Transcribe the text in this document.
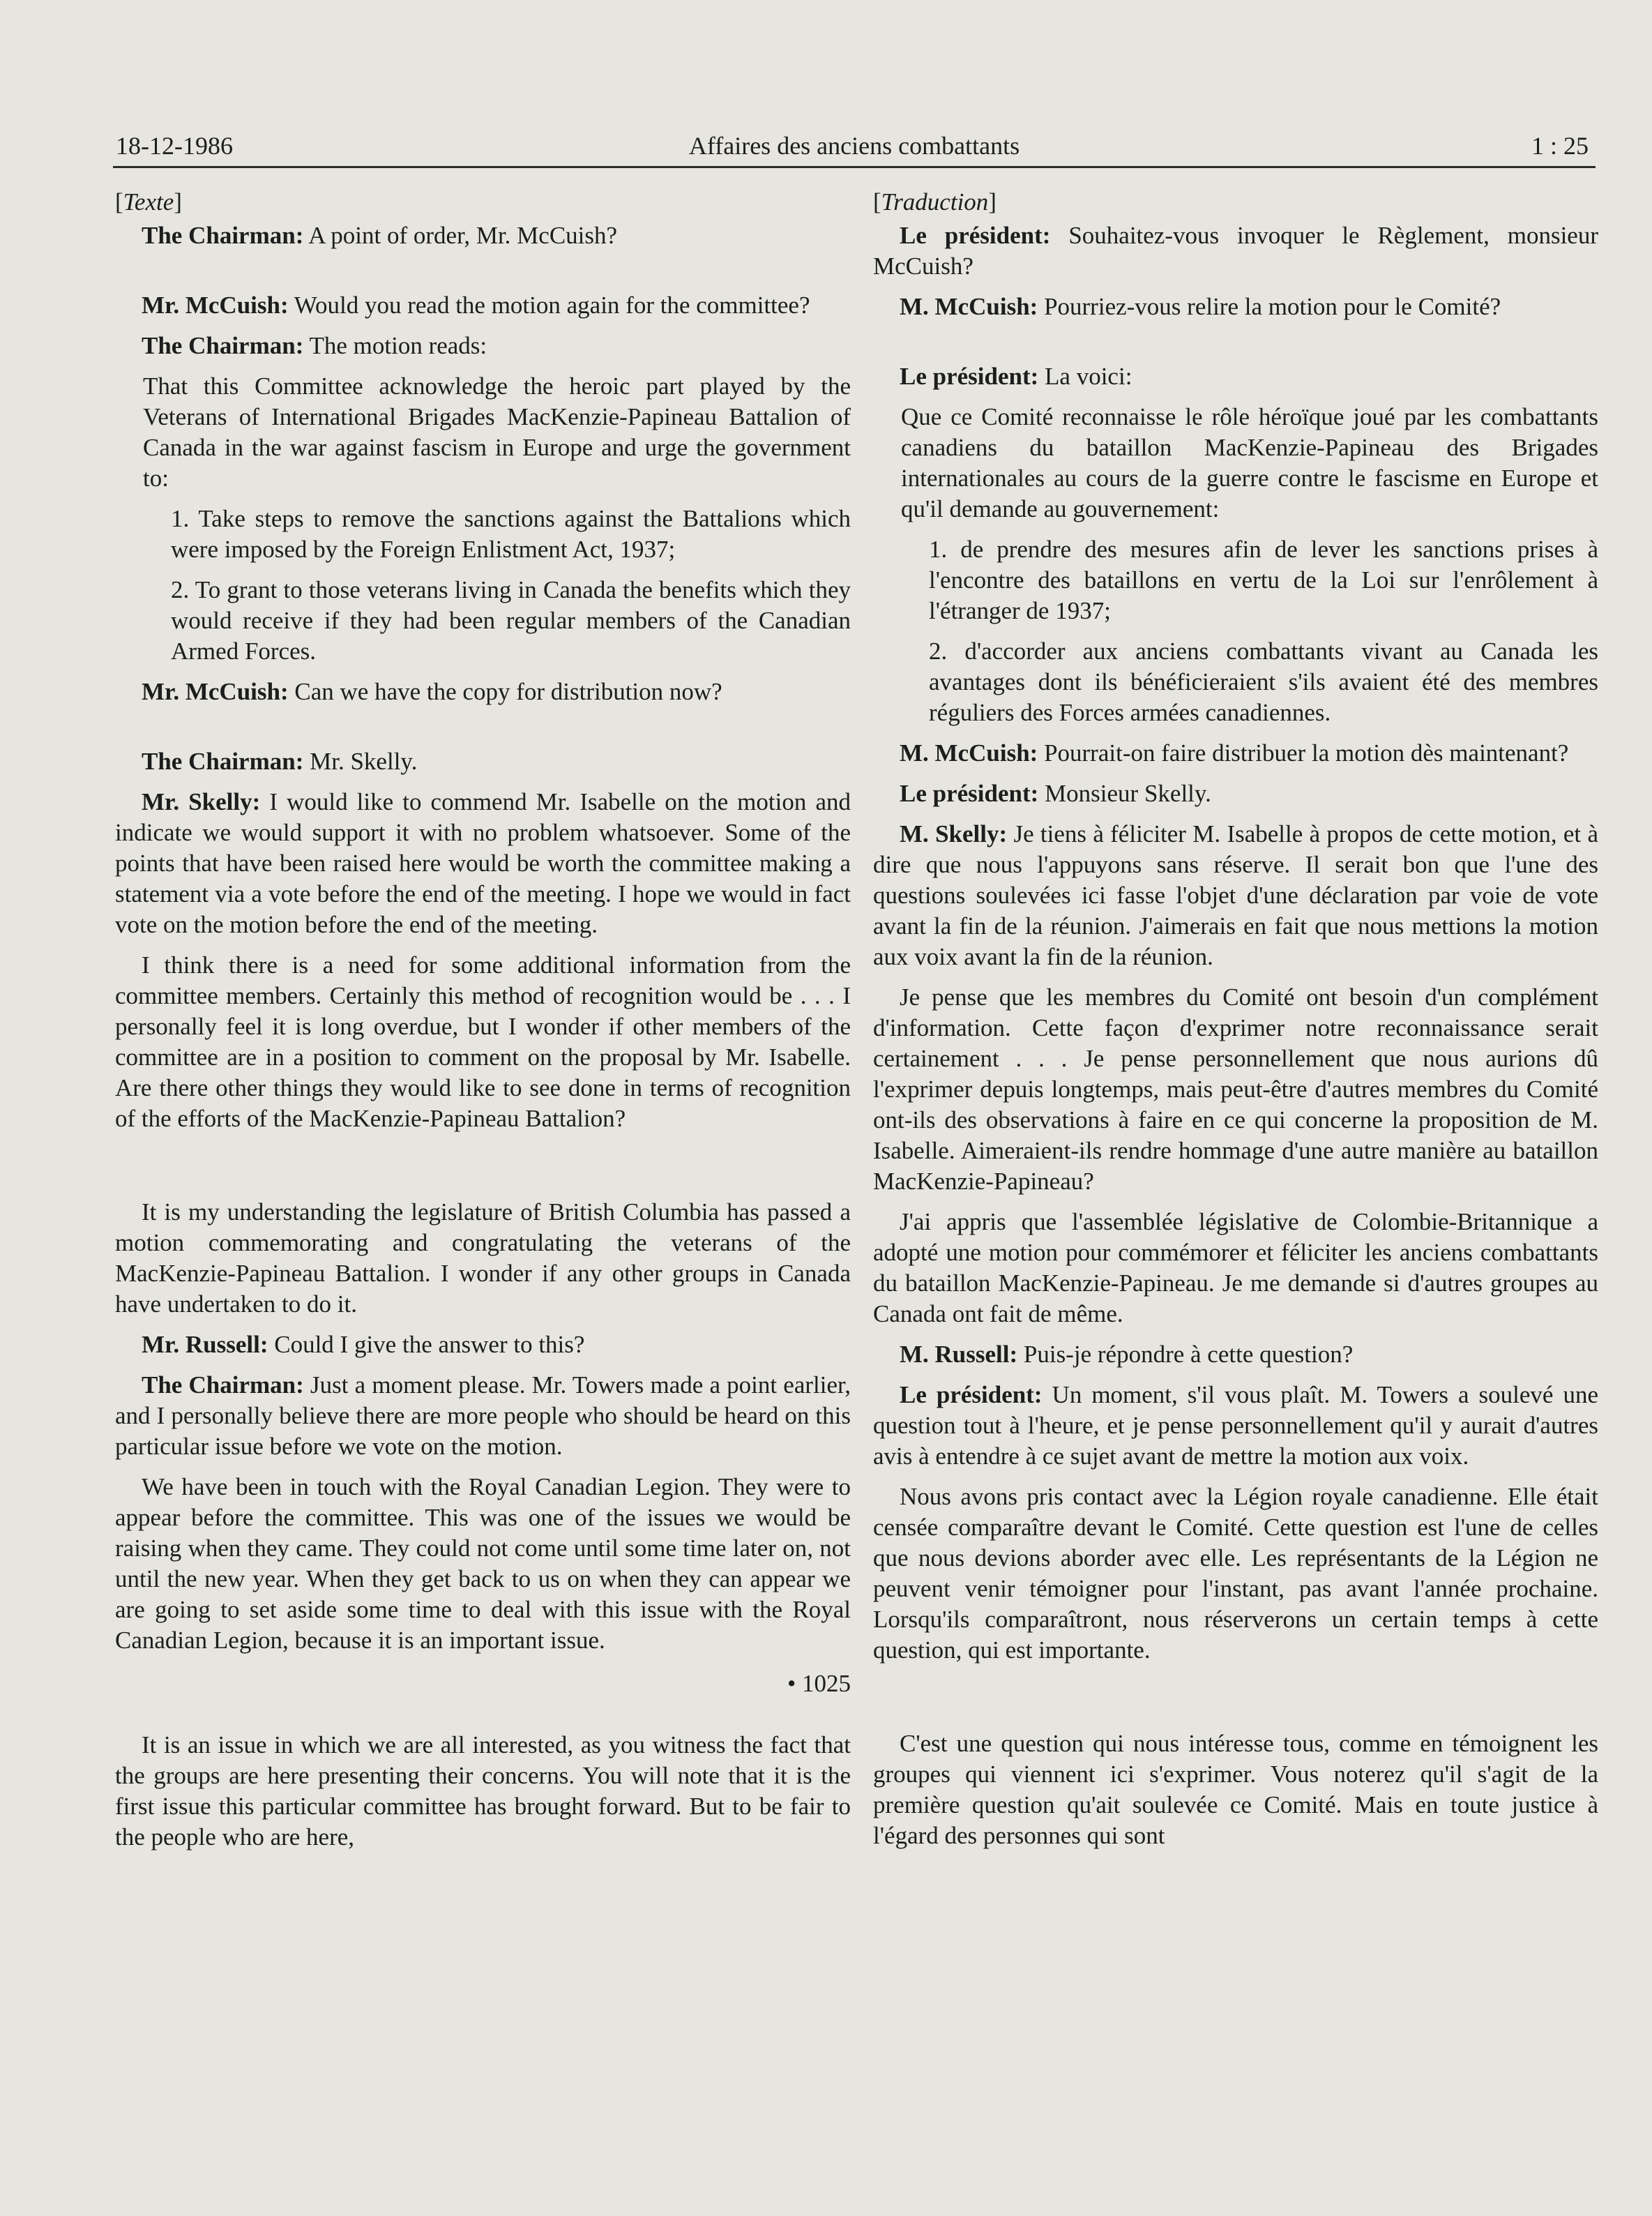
18-12-1986	Affaires des anciens combattants	1 : 25

[Texte]

The Chairman: A point of order, Mr. McCuish?

Mr. McCuish: Would you read the motion again for the committee?

The Chairman: The motion reads:

That this Committee acknowledge the heroic part played by the Veterans of International Brigades MacKenzie-Papineau Battalion of Canada in the war against fascism in Europe and urge the government to:

1. Take steps to remove the sanctions against the Battalions which were imposed by the Foreign Enlistment Act, 1937;

2. To grant to those veterans living in Canada the benefits which they would receive if they had been regular members of the Canadian Armed Forces.

Mr. McCuish: Can we have the copy for distribution now?

The Chairman: Mr. Skelly.

Mr. Skelly: I would like to commend Mr. Isabelle on the motion and indicate we would support it with no problem whatsoever. Some of the points that have been raised here would be worth the committee making a statement via a vote before the end of the meeting. I hope we would in fact vote on the motion before the end of the meeting.

I think there is a need for some additional information from the committee members. Certainly this method of recognition would be . . . I personally feel it is long overdue, but I wonder if other members of the committee are in a position to comment on the proposal by Mr. Isabelle. Are there other things they would like to see done in terms of recognition of the efforts of the MacKenzie-Papineau Battalion?

It is my understanding the legislature of British Columbia has passed a motion commemorating and congratulating the veterans of the MacKenzie-Papineau Battalion. I wonder if any other groups in Canada have undertaken to do it.

Mr. Russell: Could I give the answer to this?

The Chairman: Just a moment please. Mr. Towers made a point earlier, and I personally believe there are more people who should be heard on this particular issue before we vote on the motion.

We have been in touch with the Royal Canadian Legion. They were to appear before the committee. This was one of the issues we would be raising when they came. They could not come until some time later on, not until the new year. When they get back to us on when they can appear we are going to set aside some time to deal with this issue with the Royal Canadian Legion, because it is an important issue.

• 1025

It is an issue in which we are all interested, as you witness the fact that the groups are here presenting their concerns. You will note that it is the first issue this particular committee has brought forward. But to be fair to the people who are here,

[Traduction]

Le président: Souhaitez-vous invoquer le Règlement, monsieur McCuish?

M. McCuish: Pourriez-vous relire la motion pour le Comité?

Le président: La voici:

Que ce Comité reconnaisse le rôle héroïque joué par les combattants canadiens du bataillon MacKenzie-Papineau des Brigades internationales au cours de la guerre contre le fascisme en Europe et qu'il demande au gouvernement:

1. de prendre des mesures afin de lever les sanctions prises à l'encontre des bataillons en vertu de la Loi sur l'enrôlement à l'étranger de 1937;

2. d'accorder aux anciens combattants vivant au Canada les avantages dont ils bénéficieraient s'ils avaient été des membres réguliers des Forces armées canadiennes.

M. McCuish: Pourrait-on faire distribuer la motion dès maintenant?

Le président: Monsieur Skelly.

M. Skelly: Je tiens à féliciter M. Isabelle à propos de cette motion, et à dire que nous l'appuyons sans réserve. Il serait bon que l'une des questions soulevées ici fasse l'objet d'une déclaration par voie de vote avant la fin de la réunion. J'aimerais en fait que nous mettions la motion aux voix avant la fin de la réunion.

Je pense que les membres du Comité ont besoin d'un complément d'information. Cette façon d'exprimer notre reconnaissance serait certainement . . . Je pense personnellement que nous aurions dû l'exprimer depuis longtemps, mais peut-être d'autres membres du Comité ont-ils des observations à faire en ce qui concerne la proposition de M. Isabelle. Aimeraient-ils rendre hommage d'une autre manière au bataillon MacKenzie-Papineau?

J'ai appris que l'assemblée législative de Colombie-Britannique a adopté une motion pour commémorer et féliciter les anciens combattants du bataillon MacKenzie-Papineau. Je me demande si d'autres groupes au Canada ont fait de même.

M. Russell: Puis-je répondre à cette question?

Le président: Un moment, s'il vous plaît. M. Towers a soulevé une question tout à l'heure, et je pense personnellement qu'il y aurait d'autres avis à entendre à ce sujet avant de mettre la motion aux voix.

Nous avons pris contact avec la Légion royale canadienne. Elle était censée comparaître devant le Comité. Cette question est l'une de celles que nous devions aborder avec elle. Les représentants de la Légion ne peuvent venir témoigner pour l'instant, pas avant l'année prochaine. Lorsqu'ils comparaîtront, nous réserverons un certain temps à cette question, qui est importante.

C'est une question qui nous intéresse tous, comme en témoignent les groupes qui viennent ici s'exprimer. Vous noterez qu'il s'agit de la première question qu'ait soulevée ce Comité. Mais en toute justice à l'égard des personnes qui sont
